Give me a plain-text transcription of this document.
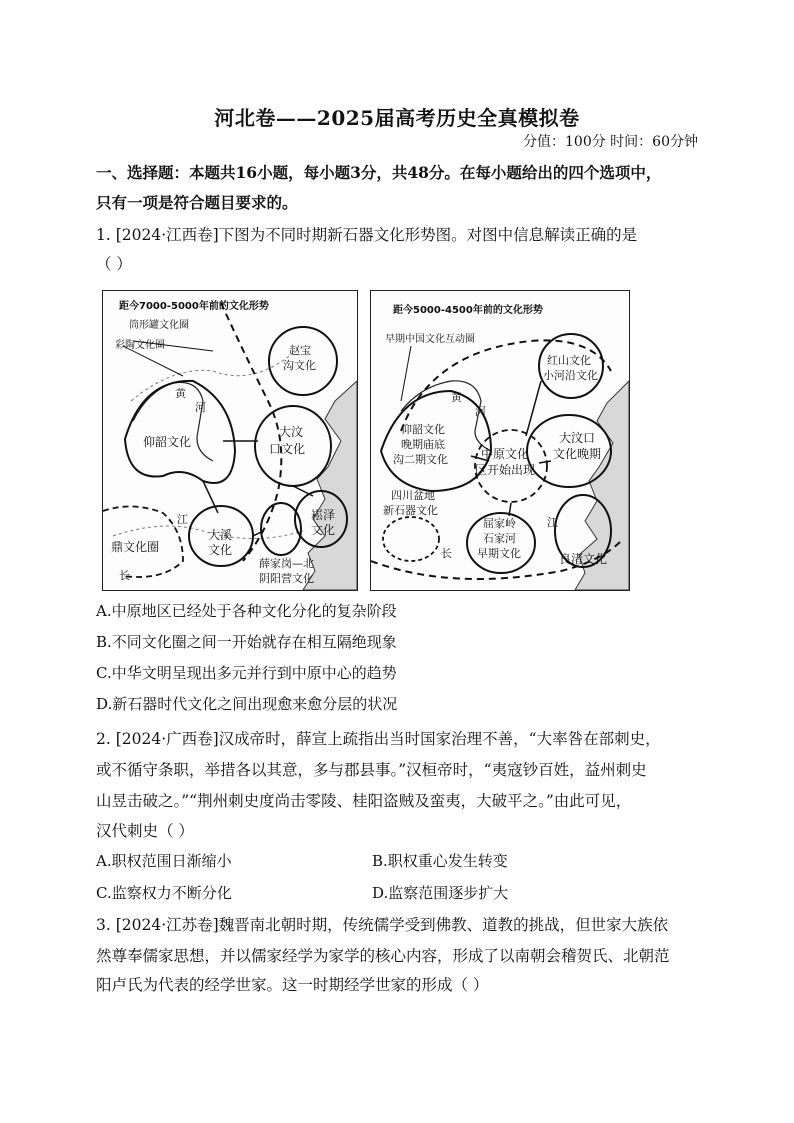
河北卷——2025届高考历史全真模拟卷
分值：100分 时间：60分钟
一、选择题：本题共16小题，每小题3分，共48分。在每小题给出的四个选项中，
只有一项是符合题目要求的。
1. [2024·江西卷]下图为不同时期新石器文化形势图。对图中信息解读正确的是
（ ）
距今7000-5000年前的文化形势
筒形罐文化圈
彩陶文化圈	赵宝
沟文化
黄
河
仰韶文化
大汶
口文化
江
大溪
文化
崧泽
文化
鼎文化圈
长
薛家岗—北
阴阳营文化
距今5000-4500年前的文化形势
早期中国文化互动圈
红山文化
小河沿文化
黄
河
大汶口
文化晚期
仰韶文化
晚期庙底
沟二期文化	中原文化
区开始出现
四川盆地
新石器文化
屈家岭
石家河
早期文化
江
长	良渚文化
A.中原地区已经处于各种文化分化的复杂阶段
B.不同文化圈之间一开始就存在相互隔绝现象
C.中华文明呈现出多元并行到中原中心的趋势
D.新石器时代文化之间出现愈来愈分层的状况
2. [2024·广西卷]汉成帝时，薛宣上疏指出当时国家治理不善，“大率咎在部刺史，
或不循守条职，举措各以其意，多与郡县事。”汉桓帝时，“夷寇钞百姓，益州刺史
山昱击破之。”“荆州刺史度尚击零陵、桂阳盗贼及蛮夷，大破平之。”由此可见，
汉代刺史（ ）
A.职权范围日渐缩小	B.职权重心发生转变
C.监察权力不断分化	D.监察范围逐步扩大
3. [2024·江苏卷]魏晋南北朝时期，传统儒学受到佛教、道教的挑战，但世家大族依
然尊奉儒家思想，并以儒家经学为家学的核心内容，形成了以南朝会稽贺氏、北朝范
阳卢氏为代表的经学世家。这一时期经学世家的形成（ ）
